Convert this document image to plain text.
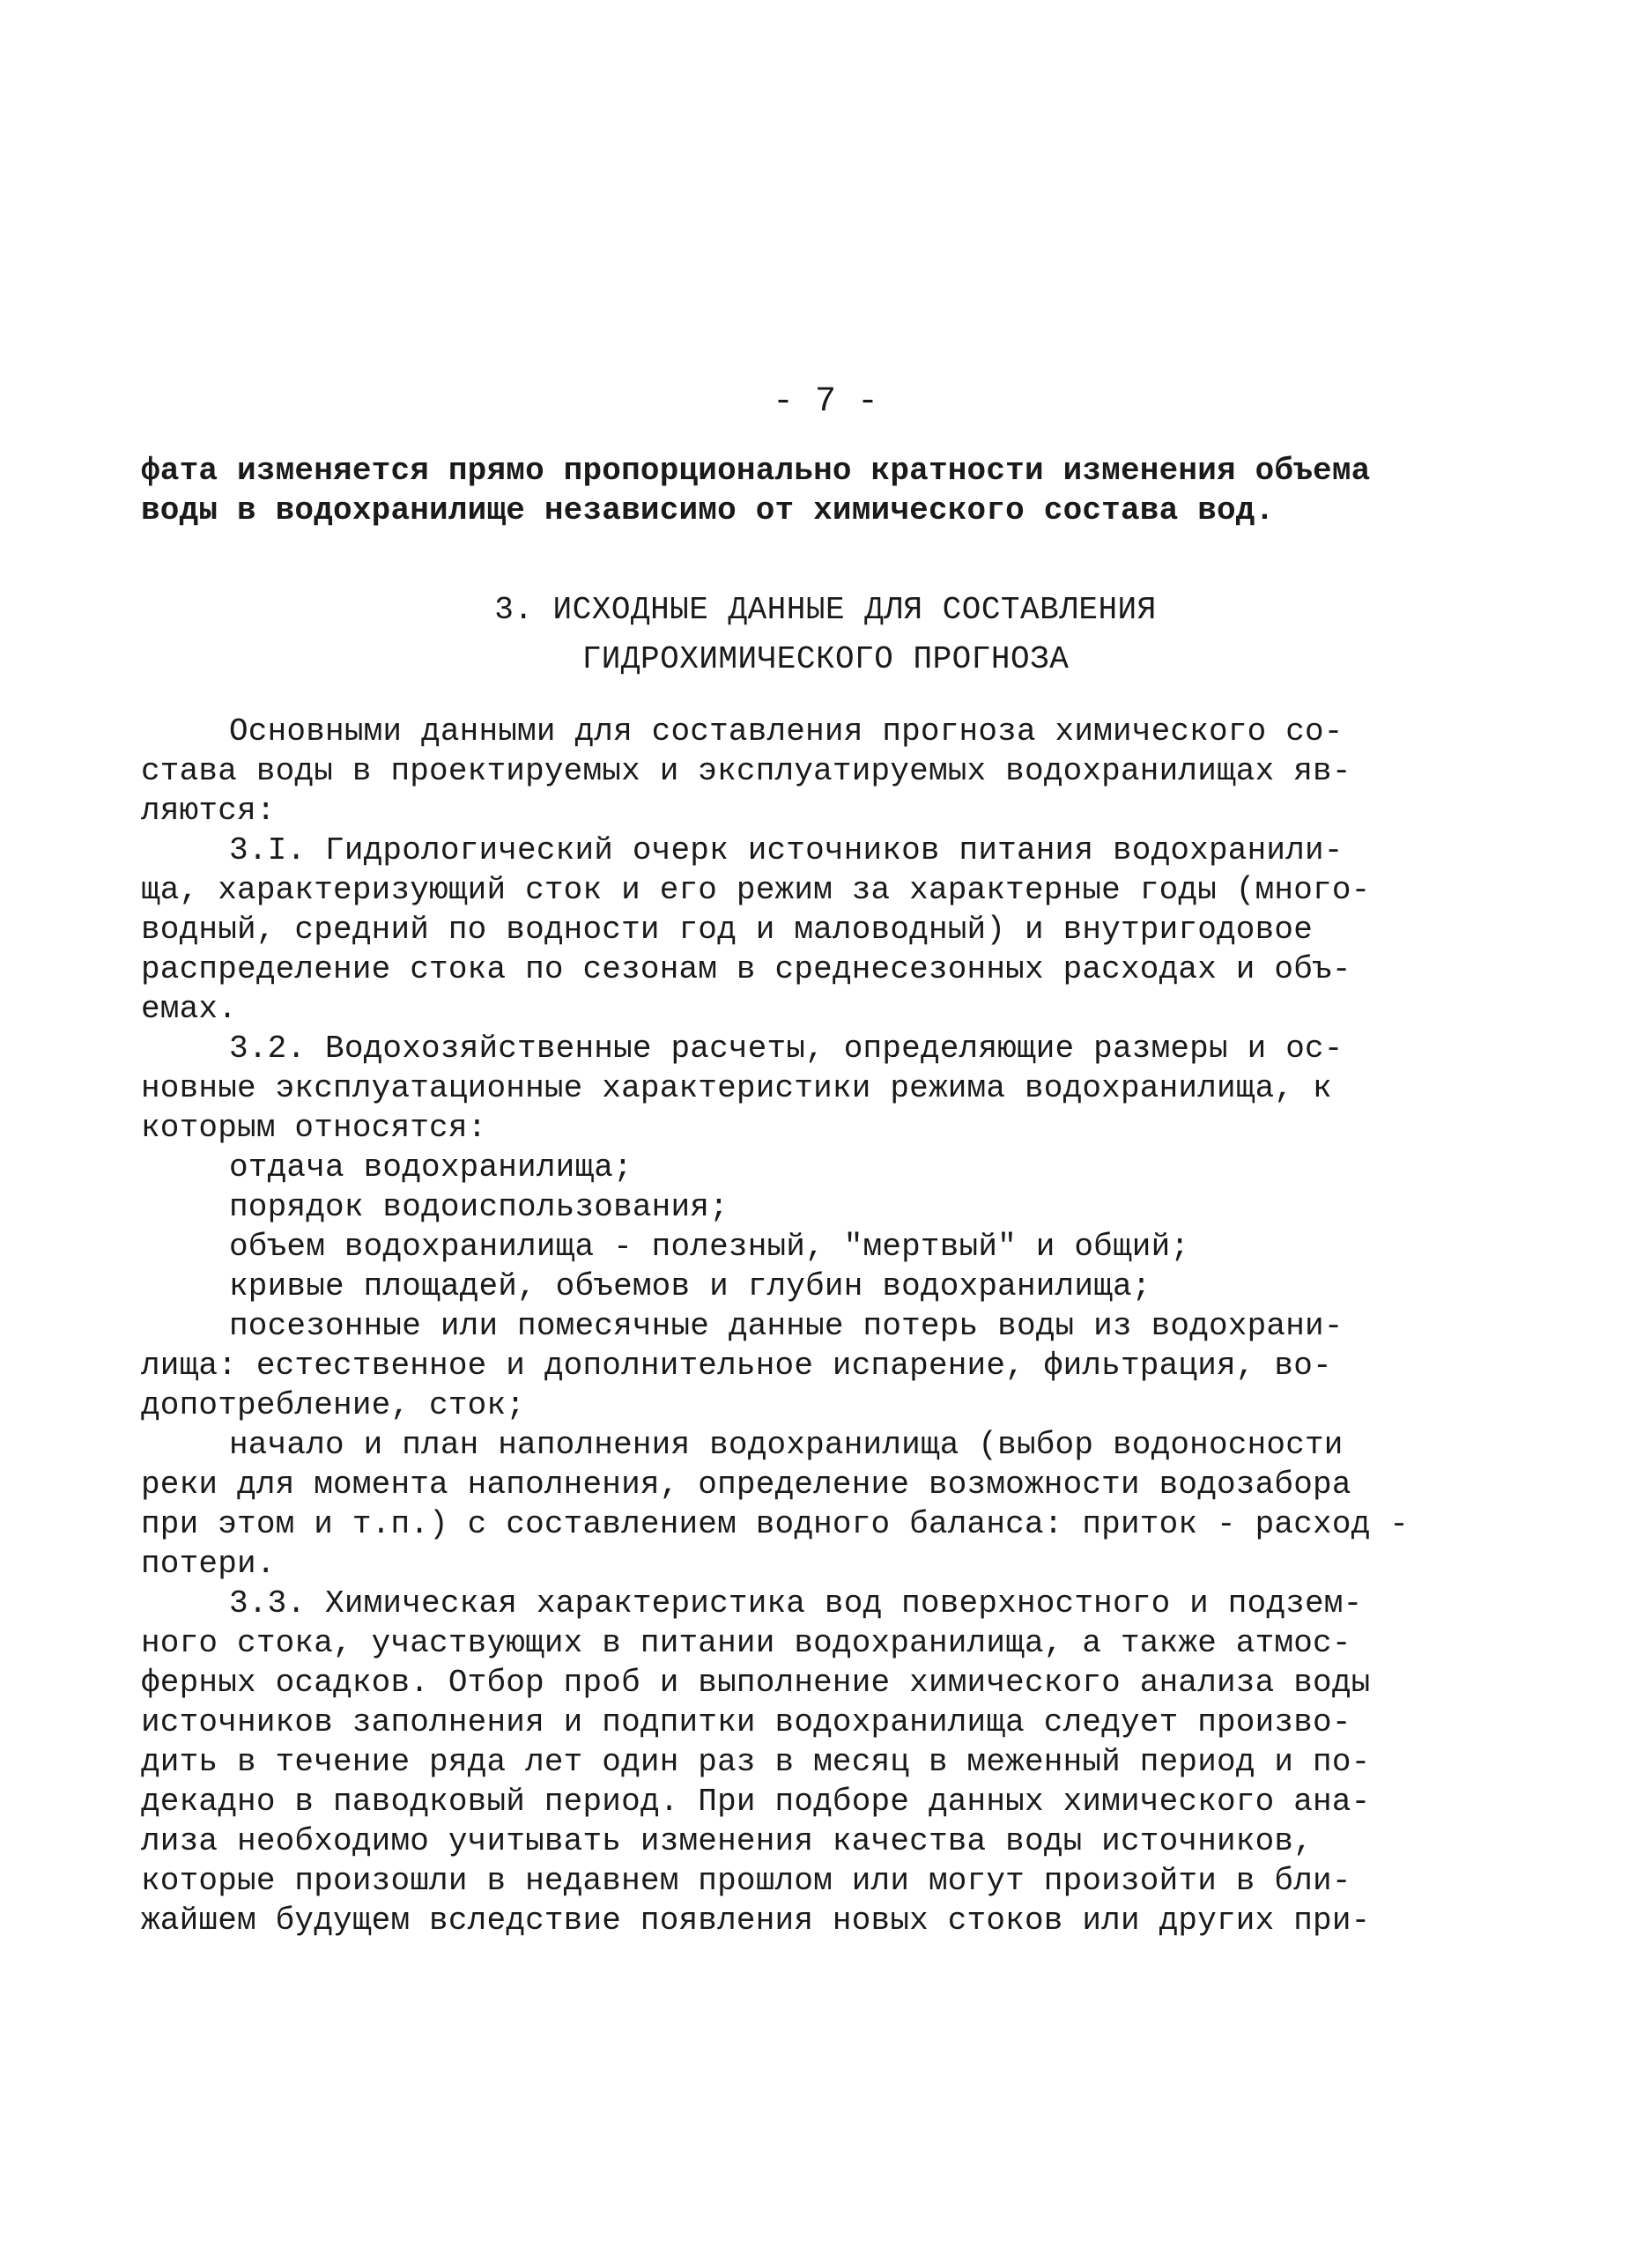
- 7 -

фата изменяется прямо пропорционально кратности изменения объема
воды в водохранилище независимо от химического состава вод.
3. ИСХОДНЫЕ ДАННЫЕ ДЛЯ СОСТАВЛЕНИЯ
ГИДРОХИМИЧЕСКОГО ПРОГНОЗА
Основными данными для составления прогноза химического со-
става воды в проектируемых и эксплуатируемых водохранилищах яв-
ляются:
3.I. Гидрологический очерк источников питания водохранили-
ща, характеризующий сток и его режим за характерные годы (много-
водный, средний по водности год и маловодный) и внутригодовое
распределение стока по сезонам в среднесезонных расходах и объ-
емах.
3.2. Водохозяйственные расчеты, определяющие размеры и ос-
новные эксплуатационные характеристики режима водохранилища, к
которым относятся:
отдача водохранилища;
порядок водоиспользования;
объем водохранилища - полезный, "мертвый" и общий;
кривые площадей, объемов и глубин водохранилища;
посезонные или помесячные данные потерь воды из водохрани-
лища: естественное и дополнительное испарение, фильтрация, во-
допотребление, сток;
начало и план наполнения водохранилища (выбор водоносности
реки для момента наполнения, определение возможности водозабора
при этом и т.п.) с составлением водного баланса: приток - расход -
потери.
3.3. Химическая характеристика вод поверхностного и подзем-
ного стока, участвующих в питании водохранилища, а также атмос-
ферных осадков. Отбор проб и выполнение химического анализа воды
источников заполнения и подпитки водохранилища следует произво-
дить в течение ряда лет один раз в месяц в меженный период и по-
декадно в паводковый период. При подборе данных химического ана-
лиза необходимо учитывать изменения качества воды источников,
которые произошли в недавнем прошлом или могут произойти в бли-
жайшем будущем вследствие появления новых стоков или других при-
